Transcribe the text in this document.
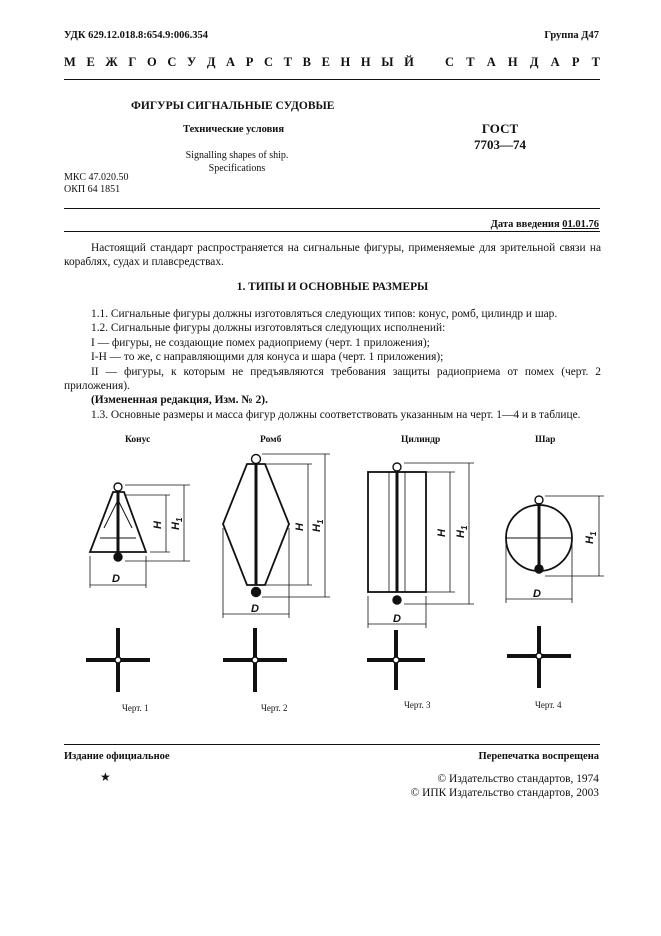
УДК 629.12.018.8:654.9:006.354	Группа Д47
М Е Ж Г О С У Д А Р С Т В Е Н Н Ы Й С Т А Н Д А Р Т
ФИГУРЫ СИГНАЛЬНЫЕ СУДОВЫЕ
Технические условия
Signalling shapes of ship.
Specifications
ГОСТ
7703—74
МКС 47.020.50
ОКП 64 1851
Дата введения 01.01.76
Настоящий стандарт распространяется на сигнальные фигуры, применяемые для зрительной связи на кораблях, судах и плавсредствах.
1. ТИПЫ И ОСНОВНЫЕ РАЗМЕРЫ
1.1. Сигнальные фигуры должны изготовляться следующих типов: конус, ромб, цилиндр и шар.
1.2. Сигнальные фигуры должны изготовляться следующих исполнений:
I — фигуры, не создающие помех радиоприему (черт. 1 приложения);
I-Н — то же, с направляющими для конуса и шара (черт. 1 приложения);
II — фигуры, к которым не предъявляются требования защиты радиоприема от помех (черт. 2 приложения).
(Измененная редакция, Изм. № 2).
1.3. Основные размеры и масса фигур должны соответствовать указанным на черт. 1—4 и в таблице.
Конус	Ромб	Цилиндр	Шар
D
H $H_1$
D
H $H_1$
D
H $H_1$
D
$H_1$
Черт. 1	Черт. 2	Черт. 3	Черт. 4
Издание официальное	Перепечатка воспрещена
★	© Издательство стандартов, 1974
© ИПК Издательство стандартов, 2003
